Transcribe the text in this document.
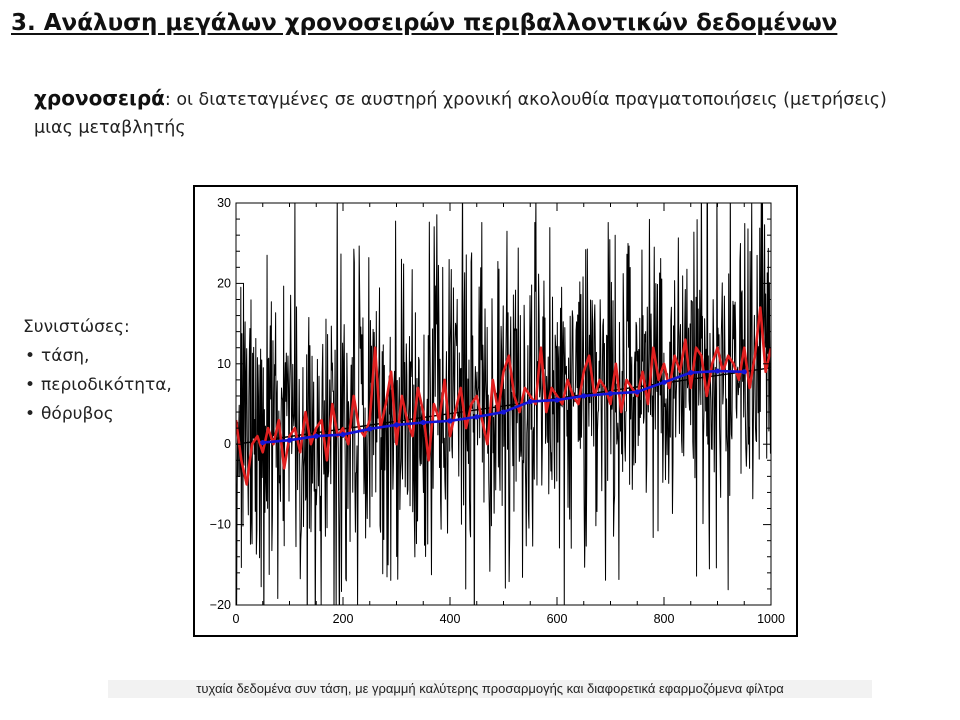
3. Ανάλυση μεγάλων χρονοσειρών περιβαλλοντικών δεδομένων
χρονοσειρά: οι διατεταγμένες σε αυστηρή χρονική ακολουθία πραγματοποιήσεις (μετρήσεις) μιας μεταβλητής
Συνιστώσες:
• τάση,
• περιοδικότητα,
• θόρυβος
0	200	400	600	800	1000
−20
−10
0
10
20
30
τυχαία δεδομένα συν τάση, με γραμμή καλύτερης προσαρμογής και διαφορετικά εφαρμοζόμενα φίλτρα
